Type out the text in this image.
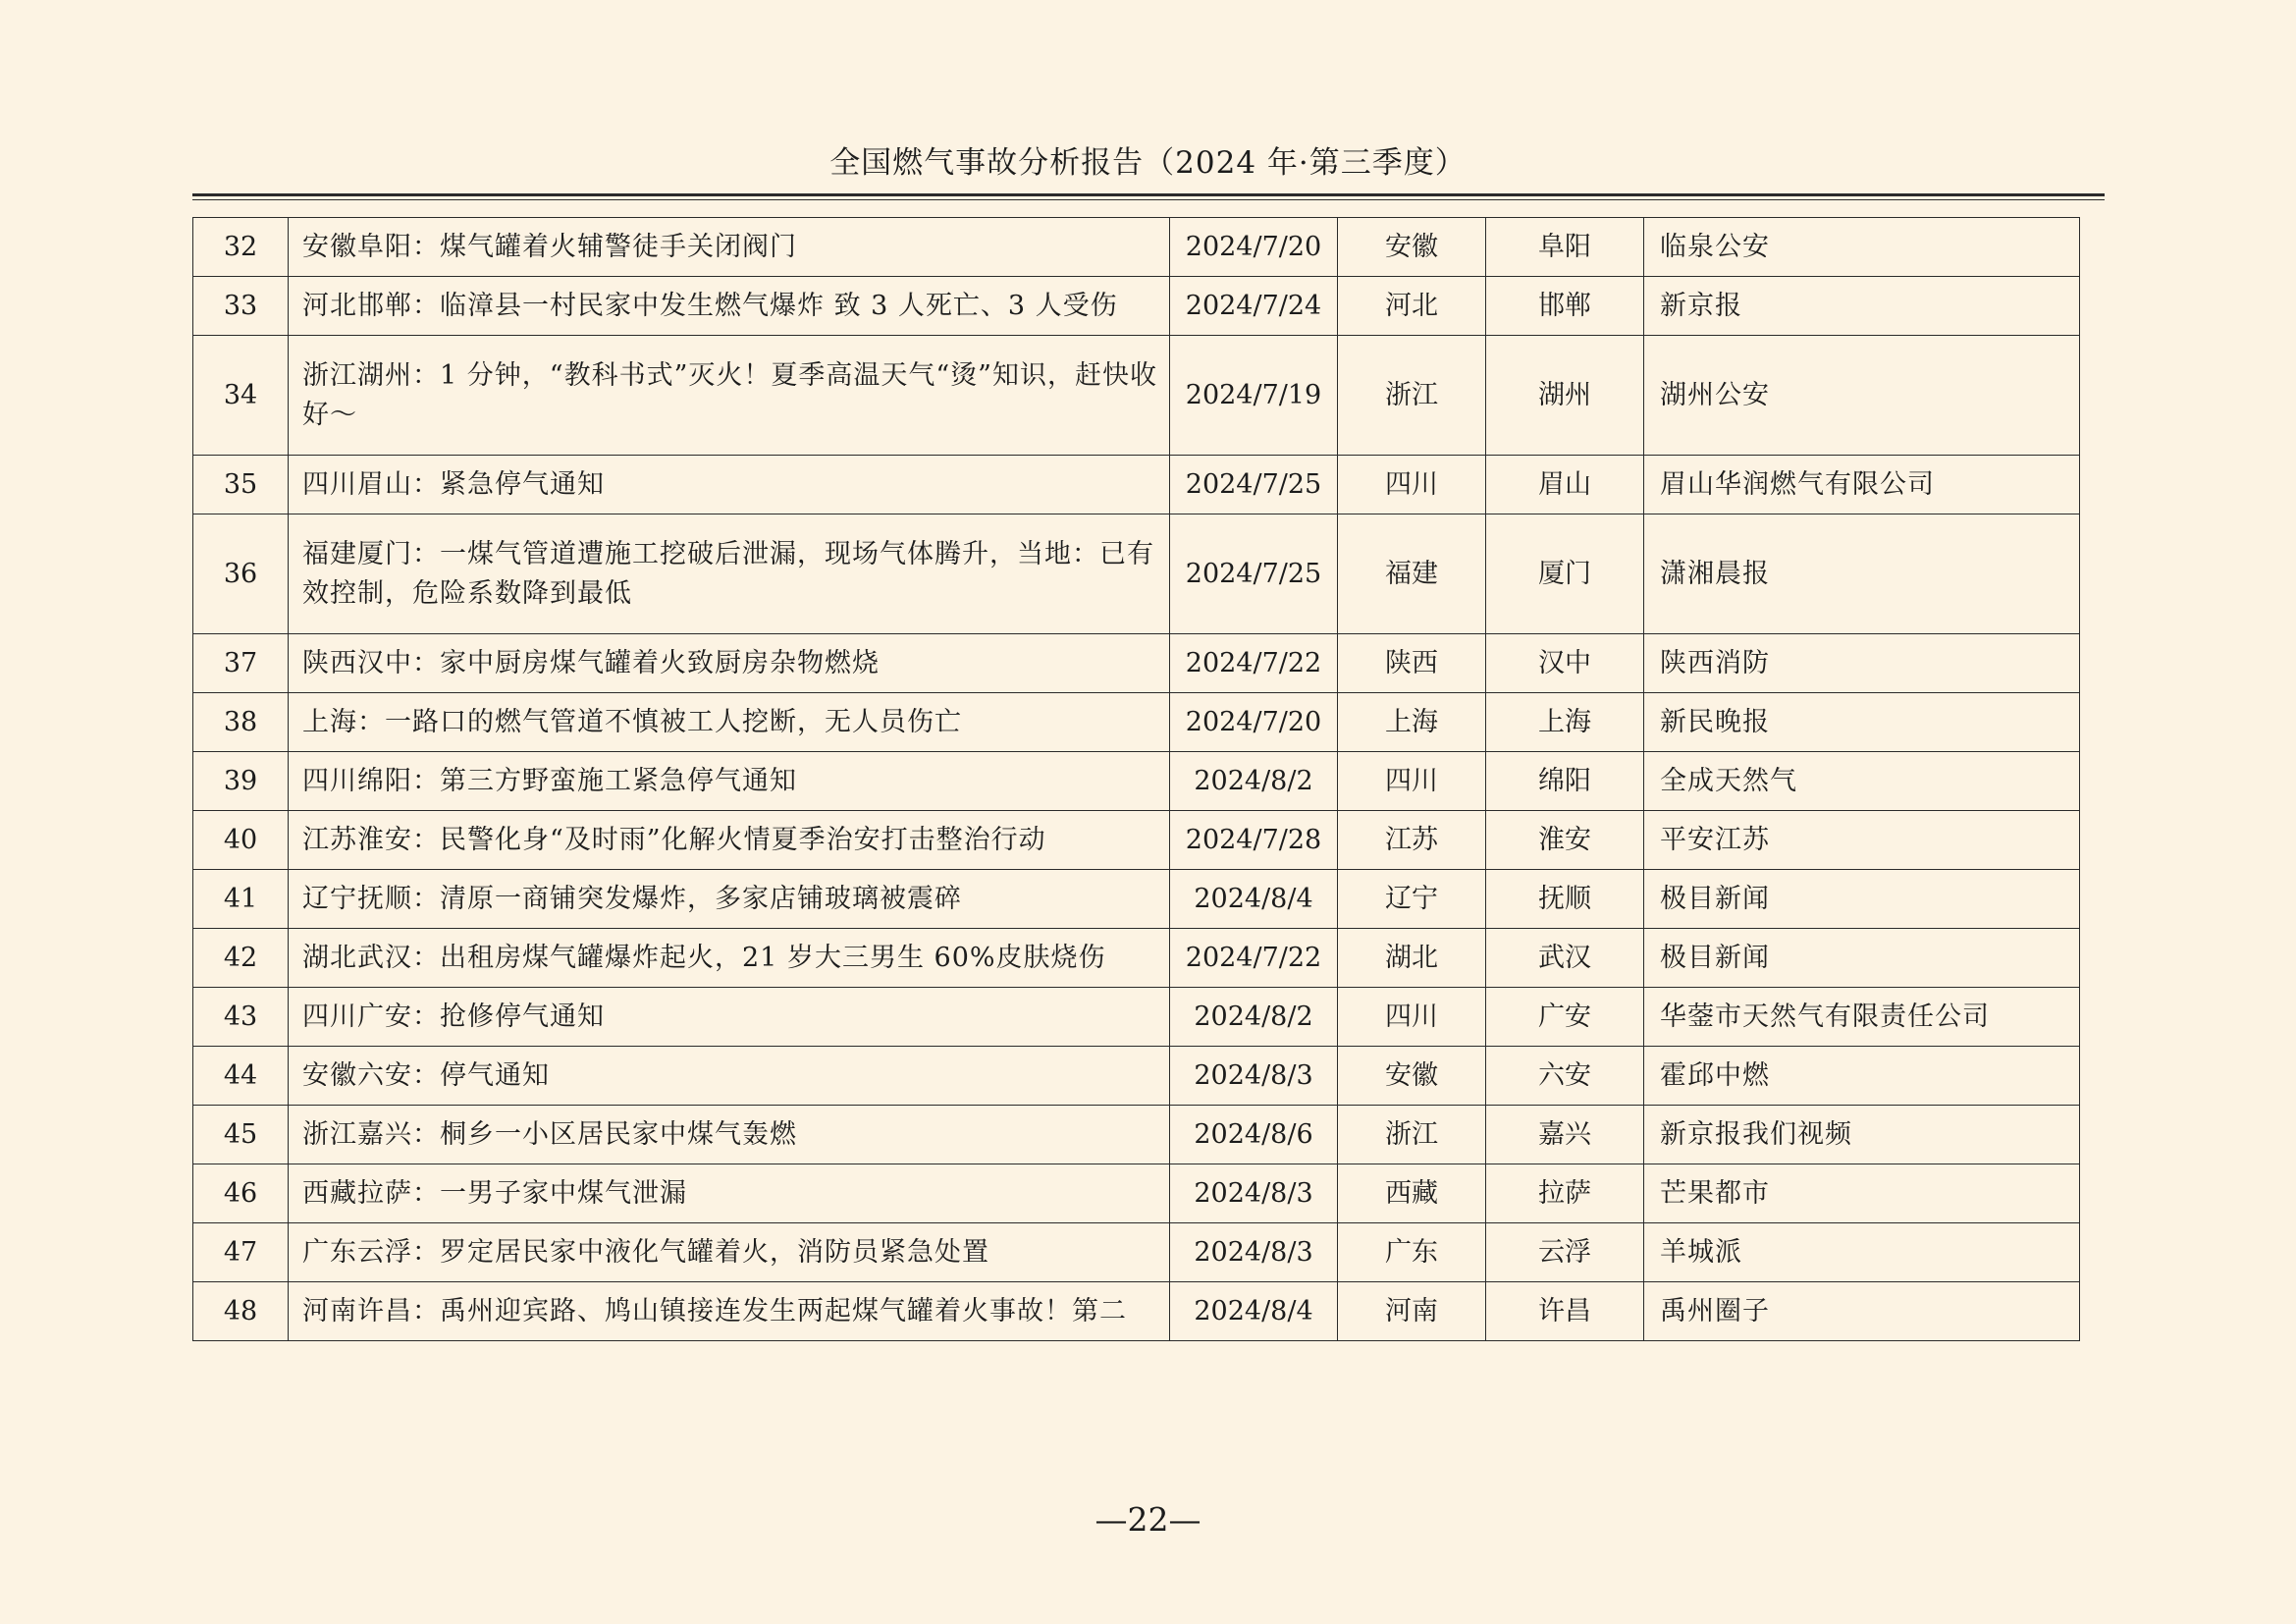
全国燃气事故分析报告（2024 年·第三季度）
32	安徽阜阳：煤气罐着火辅警徒手关闭阀门	2024/7/20	安徽	阜阳	临泉公安
33	河北邯郸：临漳县一村民家中发生燃气爆炸 致 3 人死亡、3 人受伤	2024/7/24	河北	邯郸	新京报
34	浙江湖州：1 分钟，“教科书式”灭火！夏季高温天气“烫”知识，赶快收好～	2024/7/19	浙江	湖州	湖州公安
35	四川眉山：紧急停气通知	2024/7/25	四川	眉山	眉山华润燃气有限公司
36	福建厦门：一煤气管道遭施工挖破后泄漏，现场气体腾升，当地：已有效控制，危险系数降到最低	2024/7/25	福建	厦门	潇湘晨报
37	陕西汉中：家中厨房煤气罐着火致厨房杂物燃烧	2024/7/22	陕西	汉中	陕西消防
38	上海：一路口的燃气管道不慎被工人挖断，无人员伤亡	2024/7/20	上海	上海	新民晚报
39	四川绵阳：第三方野蛮施工紧急停气通知	2024/8/2	四川	绵阳	全成天然气
40	江苏淮安：民警化身“及时雨”化解火情夏季治安打击整治行动	2024/7/28	江苏	淮安	平安江苏
41	辽宁抚顺：清原一商铺突发爆炸，多家店铺玻璃被震碎	2024/8/4	辽宁	抚顺	极目新闻
42	湖北武汉：出租房煤气罐爆炸起火，21 岁大三男生 60%皮肤烧伤	2024/7/22	湖北	武汉	极目新闻
43	四川广安：抢修停气通知	2024/8/2	四川	广安	华蓥市天然气有限责任公司
44	安徽六安：停气通知	2024/8/3	安徽	六安	霍邱中燃
45	浙江嘉兴：桐乡一小区居民家中煤气轰燃	2024/8/6	浙江	嘉兴	新京报我们视频
46	西藏拉萨：一男子家中煤气泄漏	2024/8/3	西藏	拉萨	芒果都市
47	广东云浮：罗定居民家中液化气罐着火，消防员紧急处置	2024/8/3	广东	云浮	羊城派
48	河南许昌：禹州迎宾路、鸠山镇接连发生两起煤气罐着火事故！第二	2024/8/4	河南	许昌	禹州圈子
—22—
